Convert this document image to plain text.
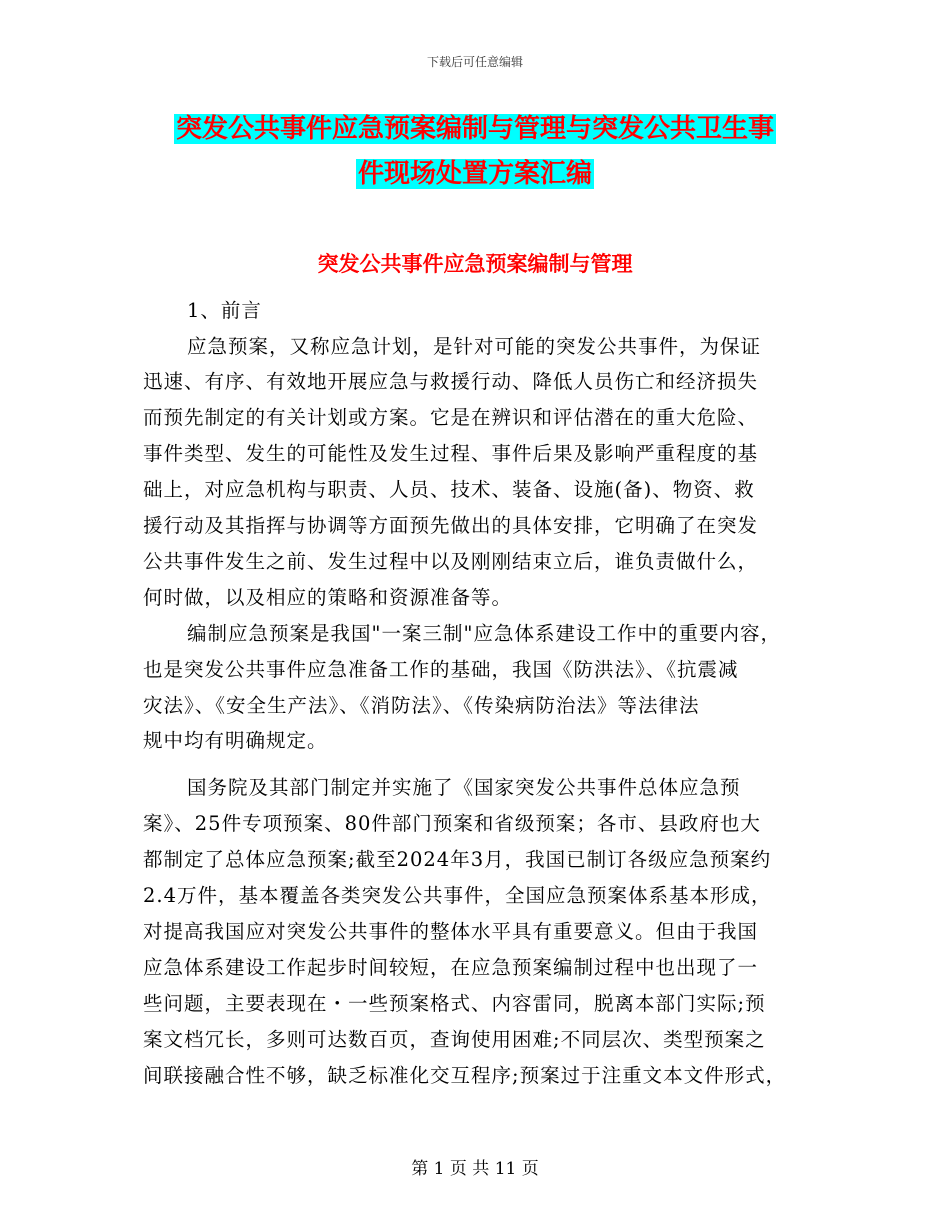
下载后可任意编辑
突发公共事件应急预案编制与管理与突发公共卫生事
件现场处置方案汇编
突发公共事件应急预案编制与管理
1、前言
应急预案，又称应急计划，是针对可能的突发公共事件，为保证
迅速、有序、有效地开展应急与救援行动、降低人员伤亡和经济损失
而预先制定的有关计划或方案。它是在辨识和评估潜在的重大危险、
事件类型、发生的可能性及发生过程、事件后果及影响严重程度的基
础上，对应急机构与职责、人员、技术、装备、设施(备)、物资、救
援行动及其指挥与协调等方面预先做出的具体安排，它明确了在突发
公共事件发生之前、发生过程中以及刚刚结束立后，谁负责做什么，
何时做，以及相应的策略和资源准备等。
编制应急预案是我国"一案三制"应急体系建设工作中的重要内容，
也是突发公共事件应急准备工作的基础，我国《防洪法》、《抗震减
灾法》、《安全生产法》、《消防法》、《传染病防治法》等法律法
规中均有明确规定。
国务院及其部门制定并实施了《国家突发公共事件总体应急预
案》、25件专项预案、80件部门预案和省级预案；各市、县政府也大
都制定了总体应急预案;截至2024年3月，我国已制订各级应急预案约
2.4万件，基本覆盖各类突发公共事件，全国应急预案体系基本形成，
对提高我国应对突发公共事件的整体水平具有重要意义。但由于我国
应急体系建设工作起步时间较短，在应急预案编制过程中也出现了一
些问题，主要表现在・一些预案格式、内容雷同，脱离本部门实际;预
案文档冗长，多则可达数百页，查询使用困难;不同层次、类型预案之
间联接融合性不够，缺乏标准化交互程序;预案过于注重文本文件形式，
第 1 页 共 11 页
